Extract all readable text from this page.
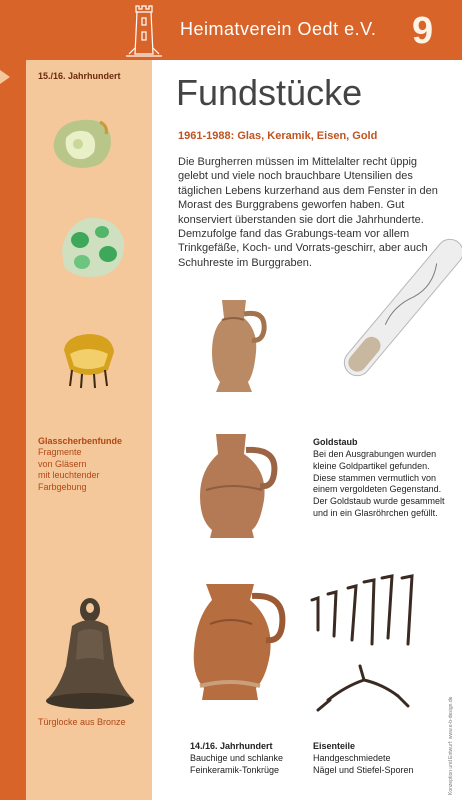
Heimatverein Oedt e.V. 9
15./16. Jahrhundert Fundstücke
1961-1988: Glas, Keramik, Eisen, Gold
Die Burgherren müssen im Mittelalter recht üppig gelebt und viele noch brauchbare Utensilien des täglichen Lebens kurzerhand aus dem Fenster in den Morast des Burggrabens geworfen haben. Gut konserviert überstanden sie dort die Jahrhunderte. Demzufolge fand das Grabungs-team vor allem Trinkgefäße, Koch- und Vorrats-geschirr, aber auch Schuhreste im Burggraben.
Glasscherbenfunde
Fragmente
von Gläsern
mit leuchtender
Farbgebung
Türglocke aus Bronze
Goldstaub
Bei den Ausgrabungen wurden kleine Goldpartikel gefunden. Diese stammen vermutlich von einem vergoldeten Gegenstand. Der Goldstaub wurde gesammelt und in ein Glasröhrchen gefüllt.
14./16. Jahrhundert
Bauchige und schlanke
Feinkeramik-Tonkrüge
Eisenteile
Handgeschmiedete
Nägel und Stiefel-Sporen	Konzeption und Entwurf: www.e-b-design.de
